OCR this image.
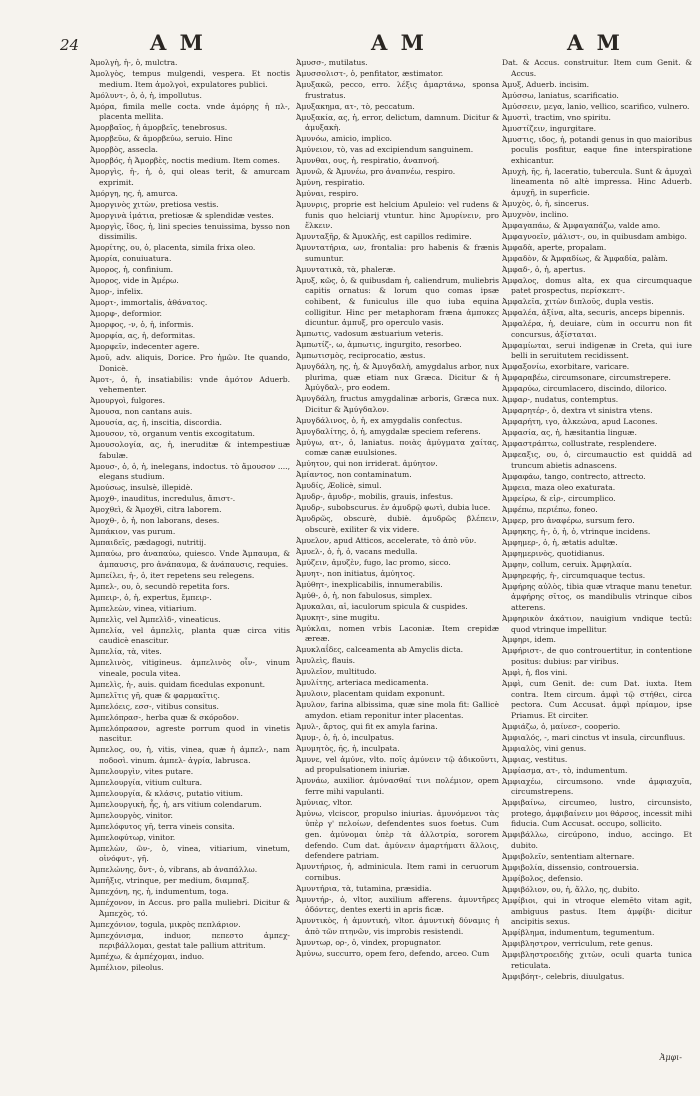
24	A M	A M	A M
Ἀμολγὴ, ἡ-, ὁ, mulctra.
Ἀμολγὸς, tempus mulgendi, vespera. Et noctis medium. Item ἀμολγοὶ, expulatores publici.
Ἀμόλυντ-, ὁ, ὁ, ἡ, impollutus.
Ἀμόρα, fimila melle cocta. vnde ἀμόρης ἡ πλ-, placenta mellita.
Ἀμορβαῖος, ἡ ἀμορβεῖς, tenebrosus.
Ἀμορβεῦω, & ἀμορβεύω, seruio. Hinc
Ἀμορβὸς, assecla.
Ἀμορβός, ἡ Ἀμορβὲς, noctis medium. Item comes.
Ἀμοργὶς, ἡ-, ἡ, ὁ, qui oleas terit, & amurcam exprimit.
Ἀμόργη, ης, ἡ, amurca.
Ἀμοργινὸς χιτὼν, pretiosa vestis.
Ἀμοργινὰ ἱμάτια, pretiosæ & splendidæ vestes.
Ἀμοργὶς, ἴδος, ἡ, lini species tenuissima, bysso non dissimilis.
Ἀμορίτης, ου, ὁ, placenta, simila frixa oleo.
Ἀμορία, conuiuatura.
Ἀμορος, ἡ, confinium.
Ἀμορος, vide in Ἀμέρω.
Ἀμορ-, infelix.
Ἀμορτ-, immortalis, ἀθάνατος.
Ἀμορφ-, deformior.
Ἀμορφος, -ν, ὁ, ἡ, informis.
Ἀμορφία, ας, ἡ, deformitas.
Ἀμορφεῖν, indecenter agere.
Ἀμοῦ, adv. aliquis, Dorice. Pro ἡμῶν. Ite quando, Donicè.
Ἀμοτ-, ὁ, ἡ, insatiabilis: vnde ἀμότον Aduerb. vehementer.
Ἀμουργοὶ, fulgores.
Ἀμουσα, non cantans auis.
Ἀμουσία, ας, ἡ, inscitia, discordia.
Ἀμουσον, τὸ, organum ventis excogitatum.
Ἀμουσολογία, ας, ἡ, ineruditæ & intempestiuæ fabulæ.
Ἀμουσ-, ὁ, ὁ, ἡ, inelegans, indoctus. τὸ ἄμουσον ...., elegans studium.
Ἀμούσως, insulsè, illepidè.
Ἀμοχθ-, inauditus, incredulus, ἄπιστ-.
Ἀμοχθεὶ, & Ἀμοχθὶ, citra laborem.
Ἀμοχθ-, ὁ, ἡ, non laborans, deses.
Ἀμπάκιον, vas purum.
Ἀμπαιδεῖς, pædagogi, nutritij.
Ἀμπαύω, pro ἀναπαύω, quiesco. Vnde Ἀμπαυμα, & ἀμπαυσις, pro ἀνάπαυμα, & ἀνάπαυσις, requies.
Ἀμπείλει, ἡ-, ὁ, iteτ repetens seu relegens.
Ἀμπελ-, ου, ὁ, secundò repetita fors.
Ἀμπειρ-, ὁ, ἡ, expertus, ἔμπειρ-.
Ἀμπελεὼν, vinea, vitiarium.
Ἀμπελὶς, vel Ἀμπελὶδ-, vineaticus.
Ἀμπελία, vel ἀμπελὶς, planta quæ circa vitis caudicè enascitur.
Ἀμπελία, τὰ, vites.
Ἀμπελινὸς, vitigineus. ἀμπελινὸς οἶν-, vinum vineale, pocula vitea.
Ἀμπελὶς, ἡ-, auis. quidam ficedulas exponunt.
Ἀμπελῖτις γῆ, quæ & φαρμακῖτις.
Ἀμπελόεις, εσσ-, vitibus consitus.
Ἀμπελόπρασ-, herba quæ & σκόροδον.
Ἀμπελόπρασον, agreste porrum quod in vinetis nascitur.
Ἀμπελος, ου, ἡ, vitis, vinea, quæ ἡ ἀμπελ-, nam ποδοσὶ. vinum. ἀμπελ- ἀγρία, labrusca.
Ἀμπελουργὶν, vites putare.
Ἀμπελουργία, vitium cultura.
Ἀμπελουργία, & κλάσις, putatio vitium.
Ἀμπελουργικὴ, ἧς, ἡ, ars vitium colendarum.
Ἀμπελουργὸς, vinitor.
Ἀμπελόφυτος γῆ, terra vineis consita.
Ἀμπελοφύτωρ, vinitor.
Ἀμπελὼν, ῶν-, ὁ, vinea, vitiarium, vinetum, οἰνόφυτ-, γῆ.
Ἀμπελώνης, ὄντ-, ὁ, vibrans, ab ἀναπάλλω.
Ἀμπῆξις, vtrinque, per medium, διαμπαξ.
Ἀμπεχόνη, ης, ἡ, indumentum, toga.
Ἀμπέχονον, in Accus. pro palla muliebri. Dicitur & Ἀμπεχὸς, τό.
Ἀμπεχόνιον, togula, μικρὸς πεπλάριον.
Ἀμπεχόνισμα, induor, πεπεστο ἀμπεχ- περιβάλλομαι, gestat tale pallium attritum.
Ἀμπέχω, & ἀμπέχομαι, induo.
Ἀμπέλιον, pileolus.
Ἀμυσσ-, mutilatus.
Ἀμυσσολιστ-, ὁ, penfitator, æstimator.
Ἀμυξακῶ, pecco, erro. λέξις ἀμαρτάνω, sponsa frustratus.
Ἀμυξακημα, ατ-, τὸ, peccatum.
Ἀμυξακία, ας, ἡ, error, delictum, damnum. Dicitur & ἀμυξακὴ.
Ἀμυνόω, amicio, implico.
Ἀμύνειον, τὸ, vas ad excipiendum sanguinem.
Ἀμυνθαι, ους, ἡ, respiratio, ἀναπνοή.
Ἀμυνῶ, & Ἀμυνέω, pro ἀναπνέω, respiro.
Ἀμύνη, respiratio.
Ἀμύναι, respiro.
Ἀμυνρις, proprie est helcium Apuleio: vel rudens & funis quo helciarij vtuntur. hinc Ἀμυρίνειν, pro ἕλκειν.
Ἀμυνταξῆρ, & Ἀμυκλῆς, est capillos redimire.
Ἀμυντατήρια, ων, frontalia: pro habenis & frænis sumuntur.
Ἀμυντατικὰ, τὰ, phaleræ.
Ἀμυξ, κῶς, ὁ, & quibusdam ἡ, caliendrum, muliebris capitis ornatus: & lorum quo comas ipsæ cohibent, & funiculus ille quo iuba equina colligitur. Hinc per metaphoram fræna ἀμπυκες dicuntur. ἀμπυξ, pro operculo vasis.
Ἀμπωτις, vadosum æstuarium veteris.
Ἀμπωτίζ-, ω, ἀμπωτις, ingurgito, resorbeo.
Ἀμπωτισμὸς, reciprocatio, æstus.
Ἀμυγδάλη, ης, ἡ, & Ἀμυγδαλὴ, amygdalus arbor, nux plurima, quæ etiam nux Græca. Dicitur & ἡ Ἀμύγδαλ-, pro eodem.
Ἀμυγδάλη, fructus amygdalinæ arboris, Græca nux. Dicitur & Ἀμύγδαλον.
Ἀμυγδάλινος, ὁ, ἡ, ex amygdalis confectus.
Ἀμυγδαλίτης, ὁ, ἡ, amygdalæ speciem referens.
Ἀμύγω, ατ-, ὁ, laniatus. ποιὰς ἀμύγματα χαίτας, comæ canæ euulsiones.
Ἀμύητον, qui non irriderat. ἀμύητον.
Ἀμίαντος, non contaminatum.
Ἀμυδίς, Æolicè, simul.
Ἀμυδρ-, ἀμυδρ-, mobilis, grauis, infestus.
Ἀμυδρ-, subobscurus. ἐν ἀμυδρῷ φωτὶ, dubia luce.
Ἀμυδρῶς, obscurè, dubiè. ἀμυδρῶς βλέπειν, obscurè, exiliter & vix videre.
Ἀμυελον, apud Atticos, accelerate, τὸ ἀπὸ νῦν.
Ἀμυελ-, ὁ, ἡ, ὁ, vacans medulla.
Ἀμύζειν, ἀμυζὲν, fugo, lac promo, sicco.
Ἀμυητ-, non initiatus, ἀμύητος.
Ἀμύθητ-, inexplicabilis, innumerabilis.
Ἀμύθ-, ὁ, ἡ, non fabulosus, simplex.
Ἀμυκαλαι, αἱ, iaculorum spicula & cuspides.
Ἀμυκητ-, sine mugitu.
Ἀμύκλαι, nomen vrbis Laconiæ. Item crepidæ æreæ.
Ἀμυκλαΐδες, calceamenta ab Amyclis dicta.
Ἀμυλεὶς, flauis.
Ἀμυλεῖον, multitudo.
Ἀμυλίτης, arteriaca medicamenta.
Ἀμυλοιν, placentam quidam exponunt.
Ἀμυλον, farina albissima, quæ sine mola fit: Gallicè amydon. etiam reponitur inter placentas.
Ἀμυλ-, ἄρτος, qui fit ex amyla farina.
Ἀμυμ-, ὁ, ἡ, ὁ, inculpatus.
Ἀμυμητὸς, ῆς, ἡ, inculpata.
Ἀμυνε, vel ἀμύνε, vlto. ποῖς ἀμύνειν τῷ ἀδικοῦντι, ad propulsationem iniuriæ.
Ἀμυνάω, auxilior. ἀμύνασθαί τινι πολέμιον, opem ferre mihi vapulanti.
Ἀμύνιας, vltor.
Ἀμύνω, vlciscor, propulso iniurias. ἀμυνόμενοι τὰς ὑπὲρ γ' πελοίων, defendentes suos foetus. Cum gen. ἀμύνομαι ὑπὲρ τὰ ἀλλοτρία, sororem defendo. Cum dat. ἀμύνειν ἁμαρτήματι ἄλλοις, defendere patriam.
Ἀμυντήριος, ἡ, adminicula. Item rami in ceruorum cornibus.
Ἀμυντήρια, τὰ, tutamina, præsidia.
Ἀμυντήρ-, ὁ, vltor, auxilium afferens. ἀμυντῆρες ὀδόντες, dentes exerti in apris ficæ.
Ἀμυντικὸς, ἡ ἀμυντικὴ, vltor. ἀμυντικὴ δύναμις ἡ ἀπὸ τῶν πτηνῶν, vis improbis resistendi.
Ἀμυντωρ, ορ-, ὁ, vindex, propugnator.
Ἀμύνω, succurro, opem fero, defendo, arceo. Cum
Dat. & Accus. construitur. Item cum Genit. & Accus.
Ἀμυξ, Aduerb. incisim.
Ἀμύσσω, laniatus, scarificatio.
Ἀμύσσειν, μεγα, lanio, vellico, scarifico, vulnero.
Ἀμυστὶ, tractim, vno spiritu.
Ἀμυστίζειν, ingurgitare.
Ἀμυστις, ιδος, ἡ, potandi genus in quo maioribus poculis posfitur, eaque fine interspiratione exhicantur.
Ἀμυχὴ, ῆς, ἡ, laceratio, tubercula. Sunt & ἀμυχαὶ lineamenta nō altè impressa. Hinc Aduerb. ἀμυχῆ, in superficie.
Ἀμυχὸς, ὁ, ἡ, sincerus.
Ἀμυχνὸν, inclino.
Ἀμφαγαπάω, & Ἀμφαγαπάζω, valde amo.
Ἀμφαγνοεῖν, μάλιστ-, ου, in quibusdam ambigo.
Ἀμφαδὰ, aperte, propalam.
Ἀμφαδὸν, & Ἀμφαδίως, & Ἀμφαδία, palàm.
Ἀμφαδ-, ὁ, ἡ, apertus.
Ἀμφαλος, domus alta, ex qua circumquaque patet prospectus, περίσκεπτ-.
Ἀμφαλεῖα, χιτὼν διπλοῦς, dupla vestis.
Ἀμφαλέα, ἀξίνα, alta, securis, anceps bipennis.
Ἀμφαλέρα, ἡ, deuiare, cùm in occurru non fit concursus, ἀξίσταται.
Ἀμφαμίωται, serui indigenæ in Creta, qui iure belli in seruitutem recidissent.
Ἀμφαξονίω, exorbitare, varicare.
Ἀμφαραβέω, circumsonare, circumstrepere.
Ἀμφαρύω, circumlacero, discindo, dilorico.
Ἀμφαρ-, nudatus, contemptus.
Ἀμφαρητέρ-, ὁ, dextra vt sinistra vtens.
Ἀμφαρήτη, ιγο, ἀλκεώνα, apud Lacones.
Ἀμφασία, ας, ἡ, hæsitantia linguæ.
Ἀμφαστράπτω, collustrate, resplendere.
Ἀμφεαξις, ου, ὁ, circumauctio est quiddā ad truncum abietis adnascens.
Ἀμφαφάω, tango, contrecto, attrecto.
Ἀμφεια, maza oleo exaturata.
Ἀμφείρω, & εἱρ-, circumplico.
Ἀμφέπω, περιέπω, foneo.
Ἀμφερ, pro ἀναφέρω, sursum fero.
Ἀμφηκης, ἡ-, ὁ, ἡ, ὁ, vtrinque incidens.
Ἀμφημερ-, ὁ, ἡ, ætatis adultæ.
Ἀμφημερινὸς, quotidianus.
Ἀμφην, collum, ceruix. Ἀμφηλαία.
Ἀμφηρεφής, ἡ-, circumquaque tectus.
Ἀμφήρης αὐλὸς, tibia quæ vtraque manu tenetur. ἀμφήρης σῖτος, os mandibulis vtrinque cibos atterens.
Ἀμφηρικὸν ἀκάτιον, nauigium vndique tectū: quod vtrinque impellitur.
Ἀμφηρι, idem.
Ἀμφήριστ-, de quo controuertitur, in contentione positus: dubius: par viribus.
Ἀμφὶ, ἡ, flos vini.
Ἀμφὶ, cum Genit. de: cum Dat. iuxta. Item contra. Item circum. ἀμφὶ τῷ στήθει, circa pectora. Cum Accusat. ἀμφὶ πρίαμον, ipse Priamus. Et circiter.
Ἀμφιάζω, ὁ, μαίνεσ-, cooperio.
Ἀμφιαλός, -, mari cinctus vt insula, circunfluus.
Ἀμφιαλὸς, vini genus.
Ἀμφιας, vestitus.
Ἀμφίασμα, ατ-, τὸ, indumentum.
Ἀμφιαχέω, circumsono. vnde ἀμφιαχυῖα, circumstrepens.
Ἀμφιβαίνω, circumeo, lustro, circunsisto, protego, ἀμφιβαίνειν μοι θάρσος, incessit mihi fiducia. Cum Accusat. occupo, sollicito.
Ἀμφιβάλλω, circúpono, induo, accingo. Et dubito.
Ἀμφιβολεῖν, sententiam alternare.
Ἀμφιβολία, dissensio, controuersia.
Ἀμφίβολος, defensio.
Ἀμφιβόλιον, ου, ἡ, ἄλλο, ης, dubito.
Ἀμφίβιοι, qui in vtroque elemēto vitam agit, ambiguus pastus. Item ἀμφίβι- dicitur ancipitis sexus.
Ἀμφίβλημα, indumentum, tegumentum.
Ἀμφιβληστρον, verriculum, rete genus.
Ἀμφιβληστροειδὴς χιτὼν, oculi quarta tunica reticulata.
Ἀμφιβόητ-, celebris, diuulgatus.
Ἀμφι-
